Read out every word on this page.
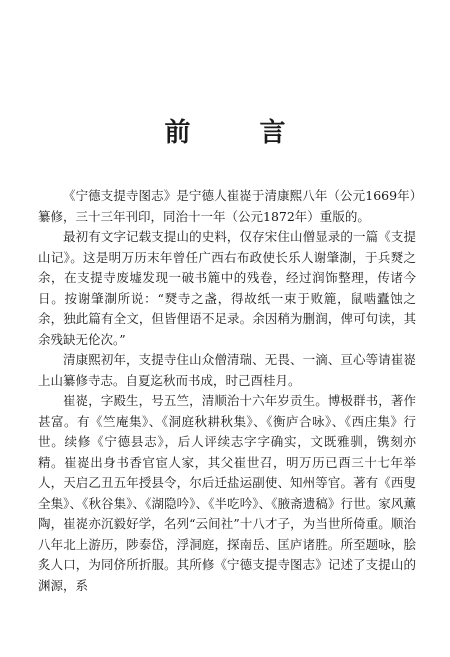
前 言

《宁德支提寺图志》是宁德人崔嵸于清康熙八年（公元1669年）纂修，三十三年刊印，同治十一年（公元1872年）重版的。

最初有文字记载支提山的史料，仅存宋住山僧显录的一篇《支提山记》。这是明万历末年曾任广西右布政使长乐人谢肇淛，于兵燹之余，在支提寺废墟发现一破书簏中的残卷，经过润饰整理，传诸今日。按谢肇淛所说：“燹寺之盏，得故纸一束于败簏，鼠啮蠹蚀之余，独此篇有全文，但皆俚语不足录。余因稍为删润，俾可句读，其余残缺无伦次。”

清康熙初年，支提寺住山众僧清瑞、无畏、一滴、亘心等请崔嵸上山纂修寺志。自夏迄秋而书成，时己酉桂月。

崔嵸，字殿生，号五竺，清顺治十六年岁贡生。博极群书，著作甚富。有《竺庵集》、《洞庭秋耕秋集》、《衡庐合咏》、《西庄集》行世。续修《宁德县志》，后人评续志字字确实，文既雅驯，镌刻亦精。崔嵸出身书香官宦人家，其父崔世召，明万历已酉三十七年举人，天启乙丑五年授县令，尔后迁盐运副使、知州等官。著有《西叟全集》、《秋谷集》、《湖隐吟》、《半吃吟》、《腋斋遗稿》行世。家风薰陶，崔嵸亦沉毅好学，名列“云间社”十八才子，为当世所倚重。顺治八年北上游历，陟泰岱，浮洞庭，探南岳、匡庐诸胜。所至题咏，脍炙人口，为同侪所折服。其所修《宁德支提寺图志》记述了支提山的渊源，系
